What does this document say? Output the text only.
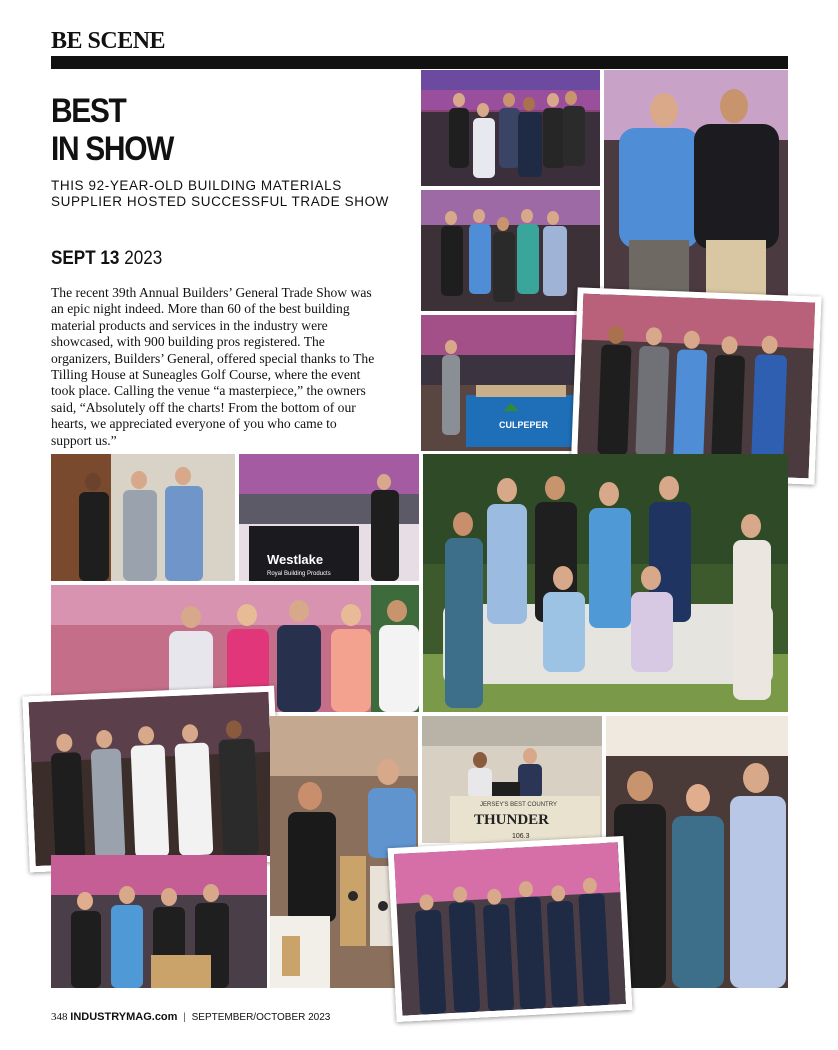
BE SCENE
BEST
IN SHOW
THIS 92-YEAR-OLD BUILDING MATERIALS SUPPLIER HOSTED SUCCESSFUL TRADE SHOW
SEPT 13 2023
The recent 39th Annual Builders’ General Trade Show was an epic night indeed. More than 60 of the best building material products and services in the industry were showcased, with 900 building pros registered. The organizers, Builders’ General, offered special thanks to The Tilling House at Suneagles Golf Course, where the event took place. Calling the venue “a masterpiece,” the owners said, “Absolutely off the charts! From the bottom of our hearts, we appreciated everyone of you who came to support us.”
CULPEPER
Westlake
Royal Building Products
JERSEY'S BEST COUNTRY
THUNDER
106.3
348 INDUSTRYMAG.com | SEPTEMBER/OCTOBER 2023
